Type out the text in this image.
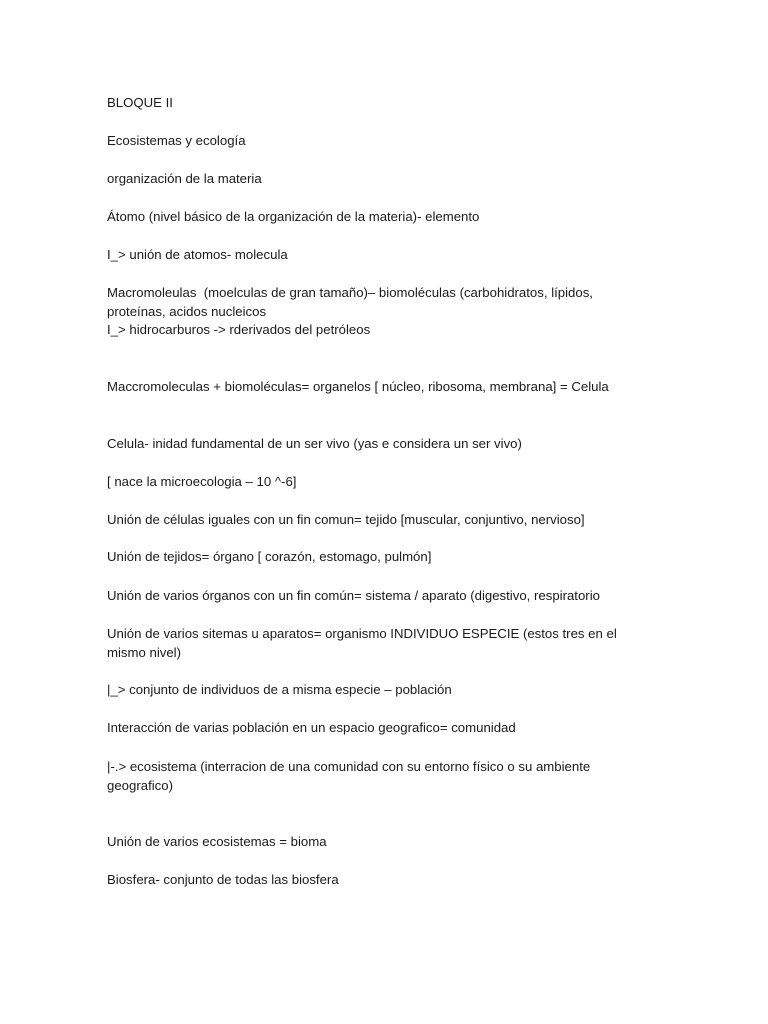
BLOQUE II

Ecosistemas y ecología

organización de la materia

Átomo (nivel básico de la organización de la materia)- elemento

I_> unión de atomos- molecula

Macromoleulas  (moelculas de gran tamaño)– biomoléculas (carbohidratos, lípidos,

proteínas, acidos nucleicos

I_> hidrocarburos -> rderivados del petróleos

Maccromoleculas + biomoléculas= organelos [ núcleo, ribosoma, membrana] = Celula

Celula- inidad fundamental de un ser vivo (yas e considera un ser vivo)

[ nace la microecologia – 10 ^-6]

Unión de células iguales con un fin comun= tejido [muscular, conjuntivo, nervioso]

Unión de tejidos= órgano [ corazón, estomago, pulmón]

Unión de varios órganos con un fin común= sistema / aparato (digestivo, respiratorio

Unión de varios sitemas u aparatos= organismo INDIVIDUO ESPECIE (estos tres en el

mismo nivel)

|_> conjunto de individuos de a misma especie – población

Interacción de varias población en un espacio geografico= comunidad

|-.> ecosistema (interracion de una comunidad con su entorno físico o su ambiente

geografico)

Unión de varios ecosistemas = bioma

Biosfera- conjunto de todas las biosfera
